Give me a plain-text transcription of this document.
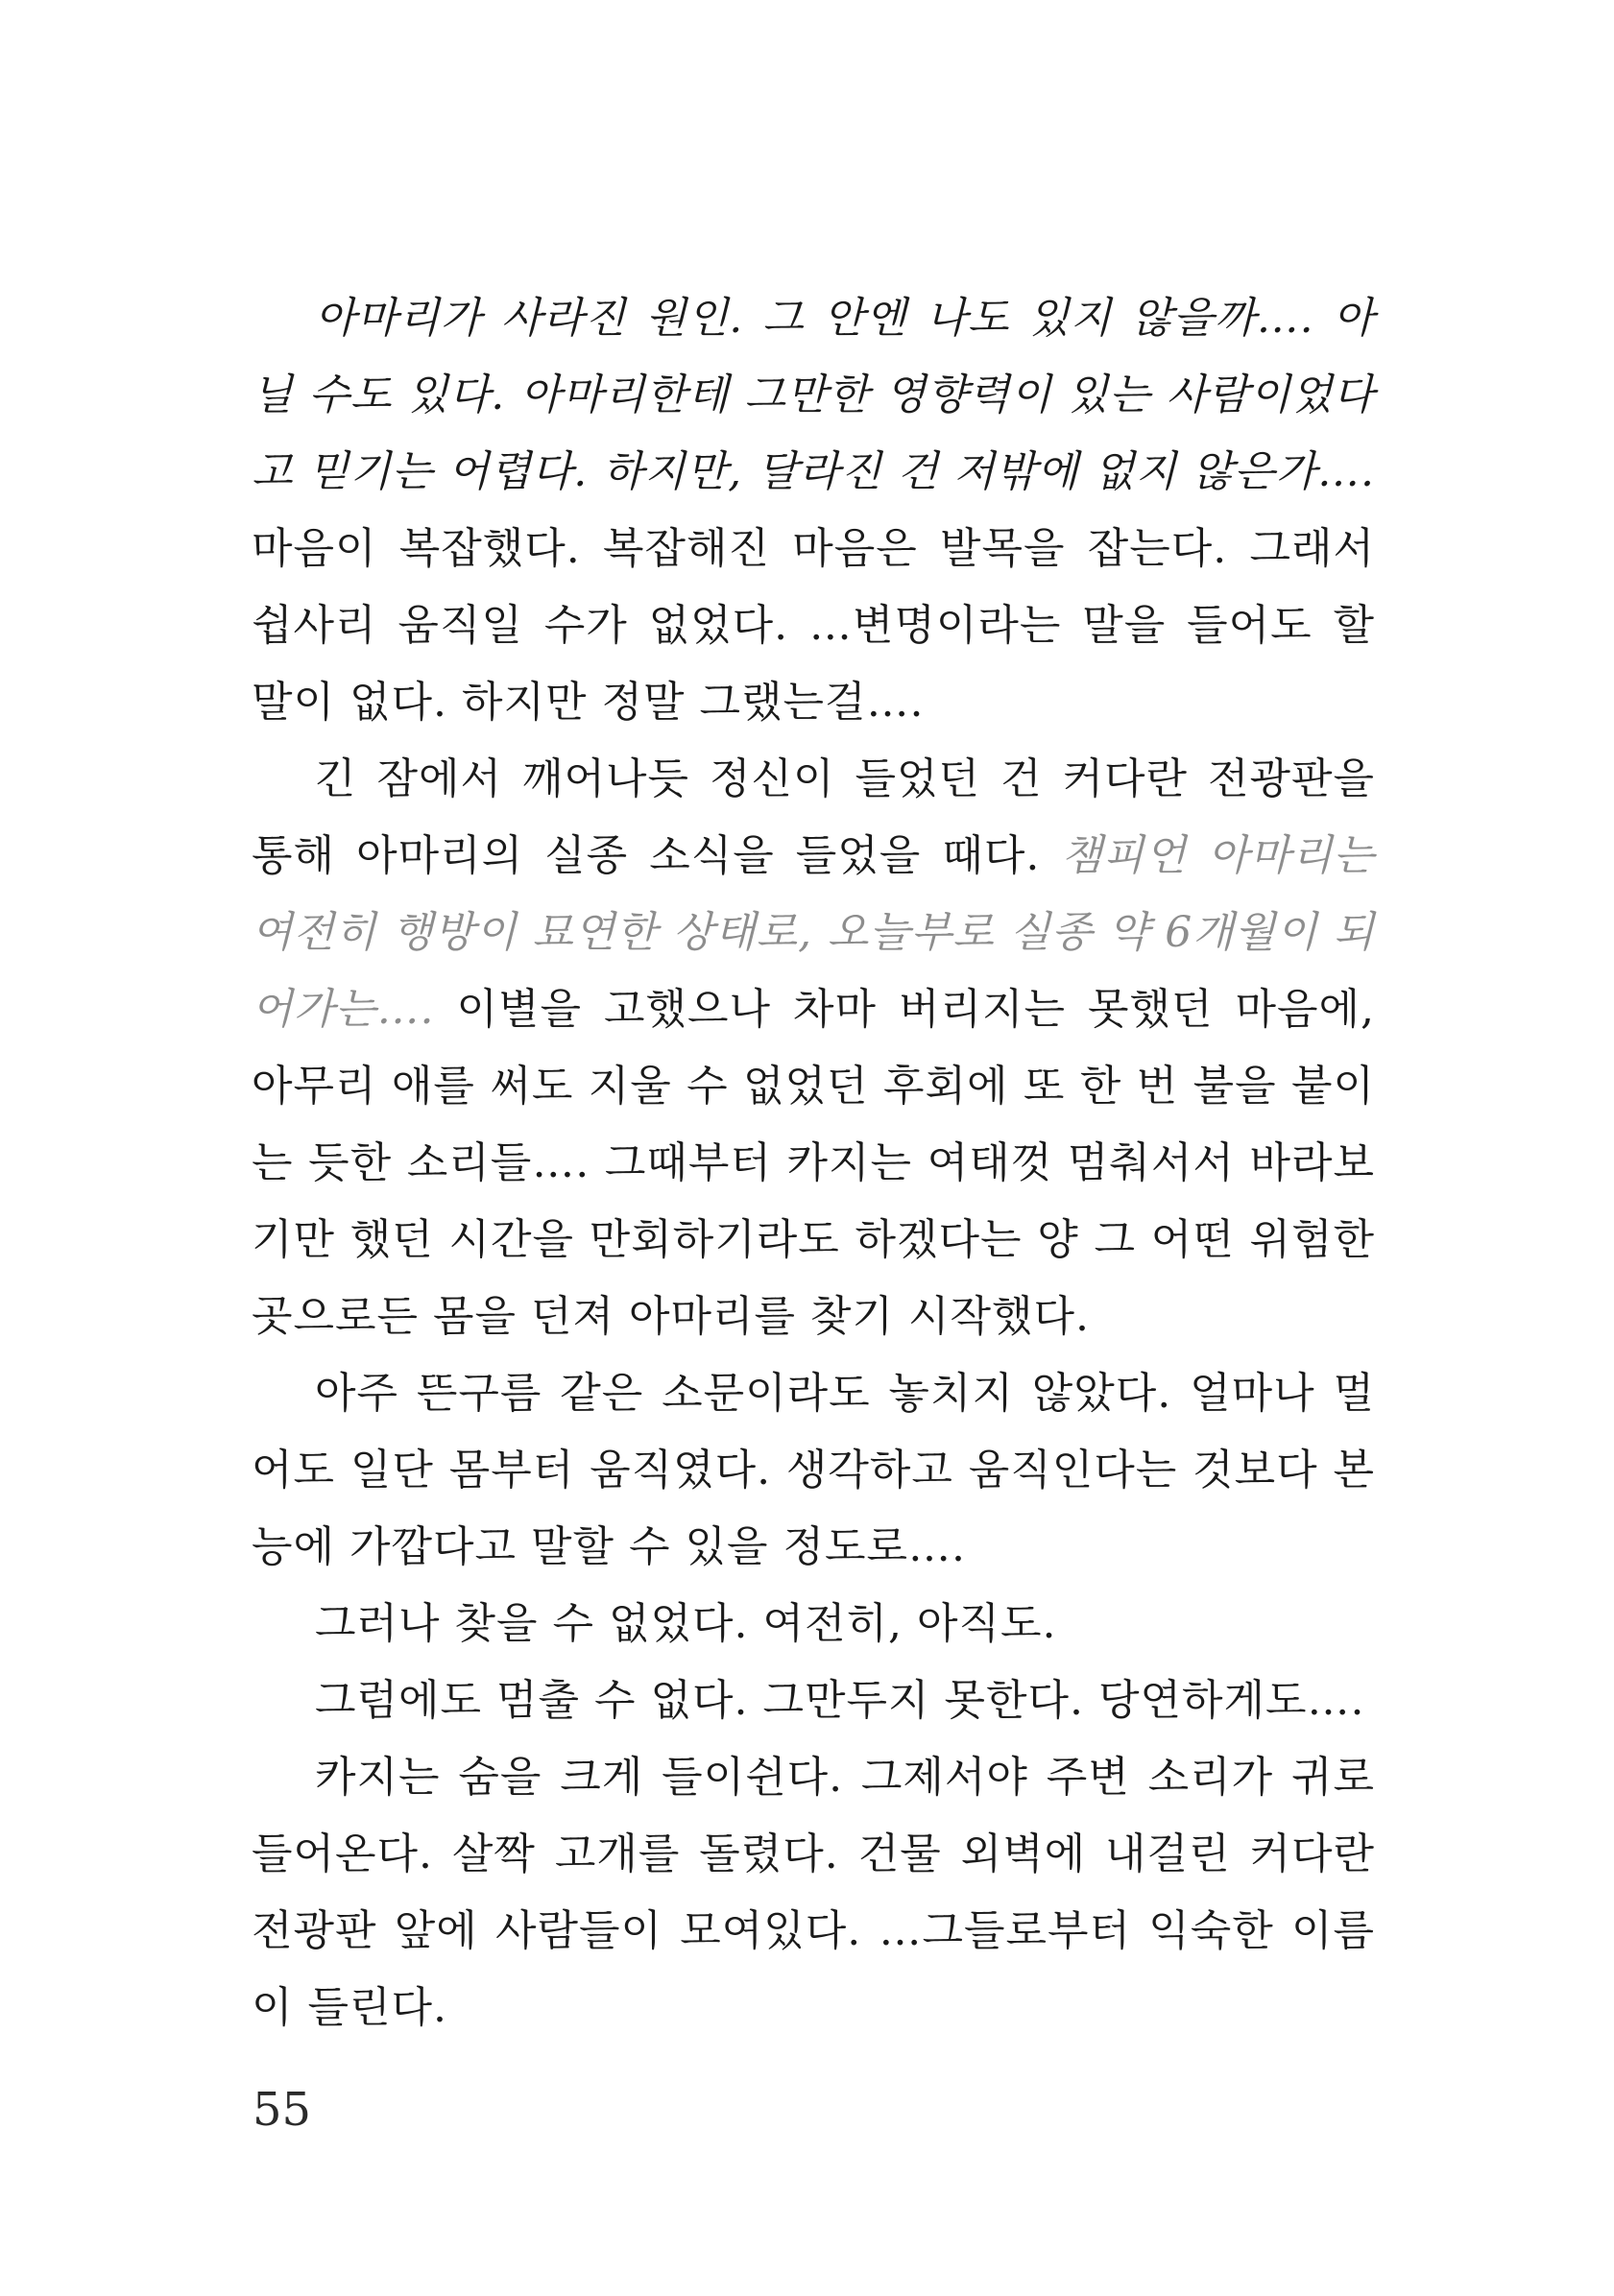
아마리가 사라진 원인. 그 안엔 나도 있지 않을까…. 아닐 수도 있다. 아마리한테 그만한 영향력이 있는 사람이었다고 믿기는 어렵다. 하지만, 달라진 건 저밖에 없지 않은가…. 마음이 복잡했다. 복잡해진 마음은 발목을 잡는다. 그래서 쉽사리 움직일 수가 없었다. …변명이라는 말을 들어도 할 말이 없다. 하지만 정말 그랬는걸….

긴 잠에서 깨어나듯 정신이 들었던 건 커다란 전광판을 통해 아마리의 실종 소식을 들었을 때다. 챔피언 아마리는 여전히 행방이 묘연한 상태로, 오늘부로 실종 약 6개월이 되어가는…. 이별을 고했으나 차마 버리지는 못했던 마음에, 아무리 애를 써도 지울 수 없었던 후회에 또 한 번 불을 붙이는 듯한 소리들…. 그때부터 카지는 여태껏 멈춰서서 바라보기만 했던 시간을 만회하기라도 하겠다는 양 그 어떤 위험한 곳으로든 몸을 던져 아마리를 찾기 시작했다.

아주 뜬구름 같은 소문이라도 놓치지 않았다. 얼마나 멀어도 일단 몸부터 움직였다. 생각하고 움직인다는 것보다 본능에 가깝다고 말할 수 있을 정도로….

그러나 찾을 수 없었다. 여전히, 아직도.

그럼에도 멈출 수 없다. 그만두지 못한다. 당연하게도….

카지는 숨을 크게 들이쉰다. 그제서야 주변 소리가 귀로 들어온다. 살짝 고개를 돌렸다. 건물 외벽에 내걸린 커다란 전광판 앞에 사람들이 모여있다. …그들로부터 익숙한 이름이 들린다.

55
